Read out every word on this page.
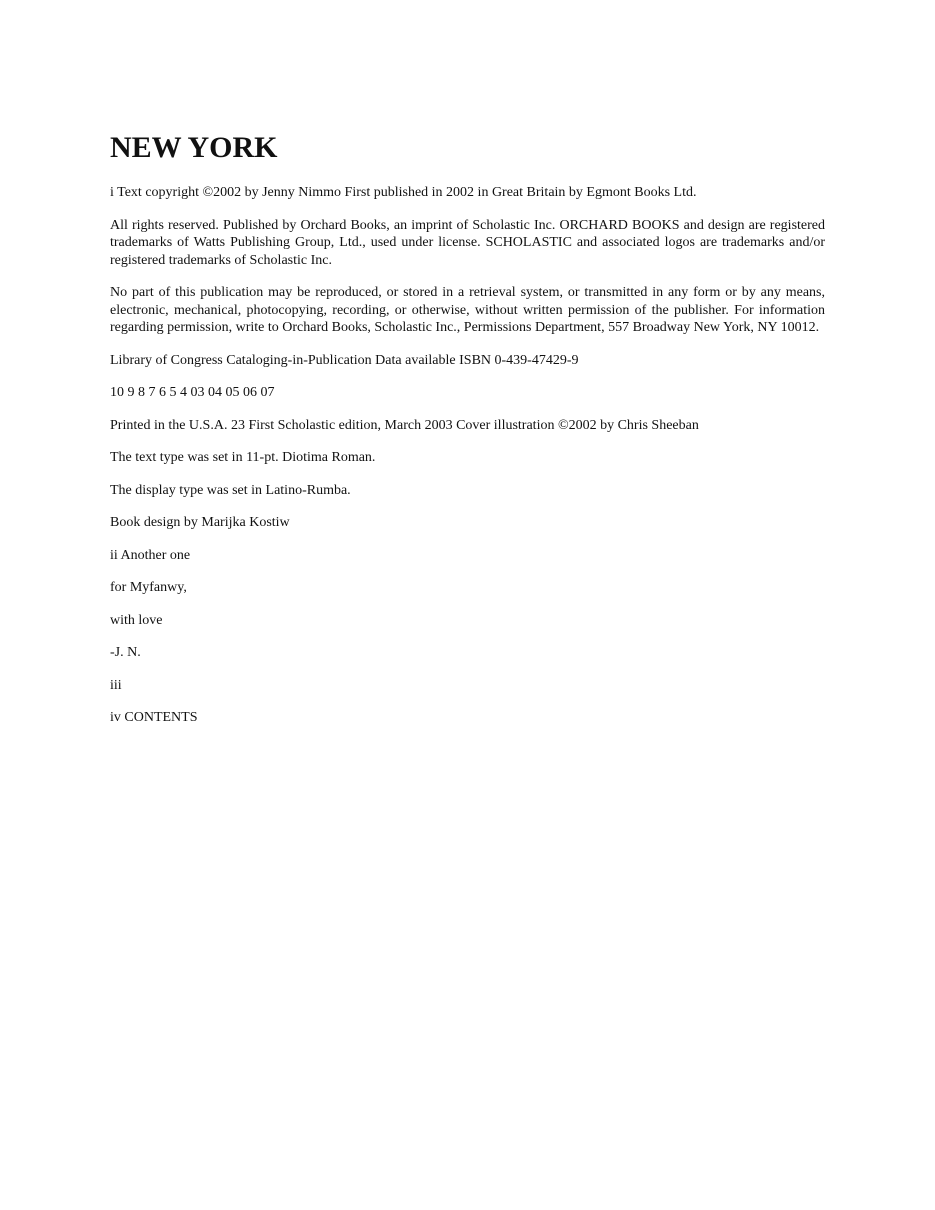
NEW YORK

i Text copyright ©2002 by Jenny Nimmo First published in 2002 in Great Britain by Egmont Books Ltd.

All rights reserved. Published by Orchard Books, an imprint of Scholastic Inc. ORCHARD BOOKS and design are registered trademarks of Watts Publishing Group, Ltd., used under license. SCHOLASTIC and associated logos are trademarks and/or registered trademarks of Scholastic Inc.

No part of this publication may be reproduced, or stored in a retrieval system, or transmitted in any form or by any means, electronic, mechanical, photocopying, recording, or otherwise, without written permission of the publisher. For information regarding permission, write to Orchard Books, Scholastic Inc., Permissions Department, 557 Broadway New York, NY 10012.

Library of Congress Cataloging-in-Publication Data available ISBN 0-439-47429-9

10 9 8 7 6 5 4 03 04 05 06 07

Printed in the U.S.A. 23 First Scholastic edition, March 2003 Cover illustration ©2002 by Chris Sheeban

The text type was set in 11-pt. Diotima Roman.

The display type was set in Latino-Rumba.

Book design by Marijka Kostiw

ii Another one

for Myfanwy,

with love

-J. N.

iii

iv CONTENTS
